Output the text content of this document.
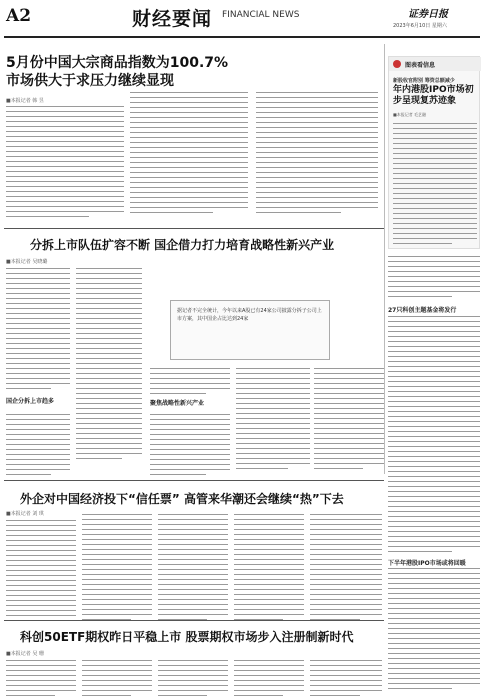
A2	财经要闻 FINANCIAL NEWS	证券日报
2023年6月10日 星期六
5月份中国大宗商品指数为100.7%
市场供大于求压力继续显现
■本报记者 韩 昱
图表看信息
新股收官附别 筹资总额减少
年内港股IPO市场初步呈现复苏迹象
■本报记者 毛艺融
分拆上市队伍扩容不断 国企借力打力培育战略性新兴产业
■本报记者 吴晓璐
国企分拆上市趋多
据记者不完全统计，今年以来A股已有24家公司披露分拆子公司上市方案，其中国企占比达到24家
聚焦战略性新兴产业
27只科创主题基金将发行
下半年港股IPO市场或将回暖
外企对中国经济投下“信任票” 高管来华潮还会继续“热”下去
■本报记者 刘 琪
科创50ETF期权昨日平稳上市 股票期权市场步入注册制新时代
■本报记者 吴 珊
